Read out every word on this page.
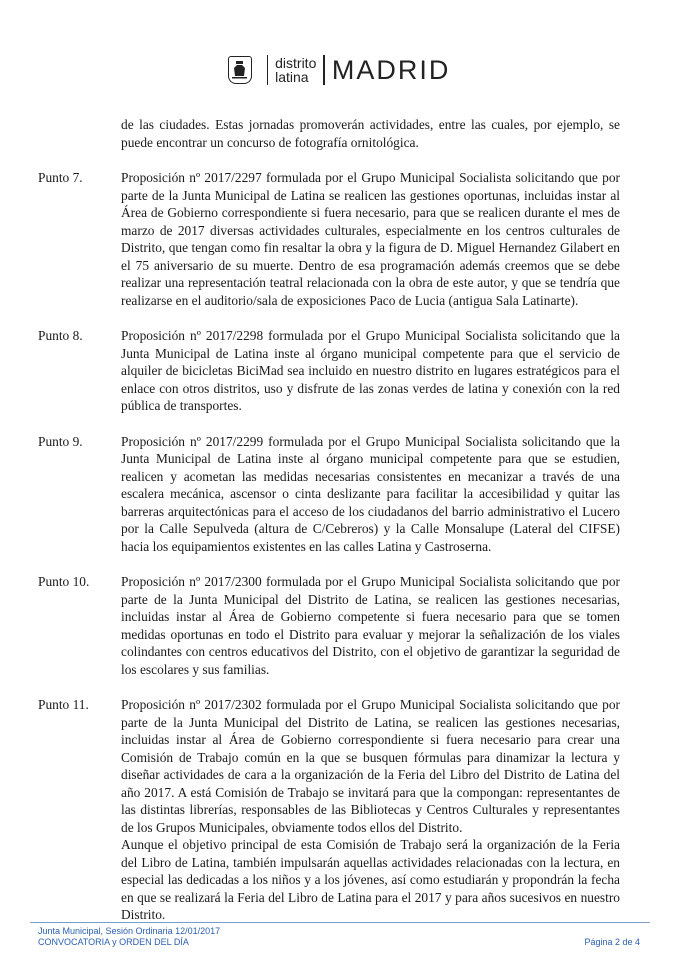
distrito
latina MADRID

de las ciudades. Estas jornadas promoverán actividades, entre las cuales, por ejemplo, se puede encontrar un concurso de fotografía ornitológica.

Punto 7.	Proposición nº 2017/2297 formulada por el Grupo Municipal Socialista solicitando que por parte de la Junta Municipal de Latina se realicen las gestiones oportunas, incluidas instar al Área de Gobierno correspondiente si fuera necesario, para que se realicen durante el mes de marzo de 2017 diversas actividades culturales, especialmente en los centros culturales de Distrito, que tengan como fin resaltar la obra y la figura de D. Miguel Hernandez Gilabert en el 75 aniversario de su muerte. Dentro de esa programación además creemos que se debe realizar una representación teatral relacionada con la obra de este autor, y que se tendría que realizarse en el auditorio/sala de exposiciones Paco de Lucia (antigua Sala Latinarte).

Punto 8.	Proposición nº 2017/2298 formulada por el Grupo Municipal Socialista solicitando que la Junta Municipal de Latina inste al órgano municipal competente para que el servicio de alquiler de bicicletas BiciMad sea incluido en nuestro distrito en lugares estratégicos para el enlace con otros distritos, uso y disfrute de las zonas verdes de latina y conexión con la red pública de transportes.

Punto 9.	Proposición nº 2017/2299 formulada por el Grupo Municipal Socialista solicitando que la Junta Municipal de Latina inste al órgano municipal competente para que se estudien, realicen y acometan las medidas necesarias consistentes en mecanizar a través de una escalera mecánica, ascensor o cinta deslizante para facilitar la accesibilidad y quitar las barreras arquitectónicas para el acceso de los ciudadanos del barrio administrativo el Lucero por la Calle Sepulveda (altura de C/Cebreros) y la Calle Monsalupe (Lateral del CIFSE) hacia los equipamientos existentes en las calles Latina y Castroserna.

Punto 10.	Proposición nº 2017/2300 formulada por el Grupo Municipal Socialista solicitando que por parte de la Junta Municipal del Distrito de Latina, se realicen las gestiones necesarias, incluidas instar al Área de Gobierno competente si fuera necesario para que se tomen medidas oportunas en todo el Distrito para evaluar y mejorar la señalización de los viales colindantes con centros educativos del Distrito, con el objetivo de garantizar la seguridad de los escolares y sus familias.

Punto 11.	Proposición nº 2017/2302 formulada por el Grupo Municipal Socialista solicitando que por parte de la Junta Municipal del Distrito de Latina, se realicen las gestiones necesarias, incluidas instar al Área de Gobierno correspondiente si fuera necesario para crear una Comisión de Trabajo común en la que se busquen fórmulas para dinamizar la lectura y diseñar actividades de cara a la organización de la Feria del Libro del Distrito de Latina del año 2017. A está Comisión de Trabajo se invitará para que la compongan: representantes de las distintas librerías, responsables de las Bibliotecas y Centros Culturales y representantes de los Grupos Municipales, obviamente todos ellos del Distrito.

Aunque el objetivo principal de esta Comisión de Trabajo será la organización de la Feria del Libro de Latina, también impulsarán aquellas actividades relacionadas con la lectura, en especial las dedicadas a los niños y a los jóvenes, así como estudiarán y propondrán la fecha en que se realizará la Feria del Libro de Latina para el 2017 y para años sucesivos en nuestro Distrito.

Junta Municipal, Sesión Ordinaria 12/01/2017
CONVOCATORIA y ORDEN DEL DÍA	Página 2 de 4
